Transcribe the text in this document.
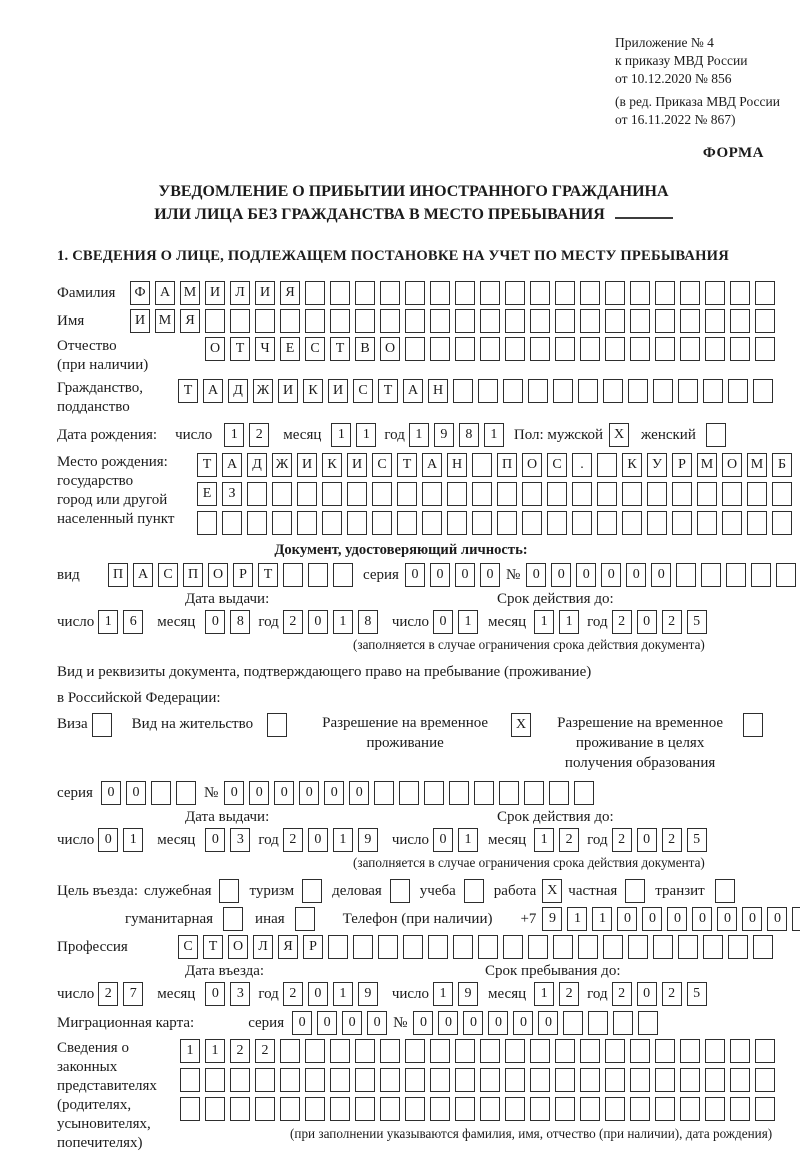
Приложение № 4
к приказу МВД России
от 10.12.2020 № 856
(в ред. Приказа МВД России
от 16.11.2022 № 867)
ФОРМА
УВЕДОМЛЕНИЕ О ПРИБЫТИИ ИНОСТРАННОГО ГРАЖДАНИНА
ИЛИ ЛИЦА БЕЗ ГРАЖДАНСТВА В МЕСТО ПРЕБЫВАНИЯ
1. СВЕДЕНИЯ О ЛИЦЕ, ПОДЛЕЖАЩЕМ ПОСТАНОВКЕ НА УЧЕТ ПО МЕСТУ ПРЕБЫВАНИЯ
Фамилия	Ф	А М И	Л	И	Я
Имя	И М	Я
Отчество
(при наличии)
О	Т	Ч	Е	С	Т	В	О
Гражданство,
подданство
Т	А	Д Ж И	К	И	С	Т	А	Н
Дата рождения: число	1	2	месяц	1	1 год 1	9	8	1	Пол: мужской X	женский
Место рождения:
государство
город или другой
населенный пункт
Т	А	Д Ж И	К	И	С	Т	А	Н	П	О	С	.	К	У	Р	М О М	Б
Е	З
Документ, удостоверяющий личность:
вид	П	А	С	П	О	Р	Т	серия 0	0	0	0 № 0	0	0	0	0	0
Дата выдачи:	Срок действия до:
число 1	6	месяц	0	8 год 2	0	1	8	число 0	1	месяц	1	1 год 2	0	2	5
(заполняется в случае ограничения срока действия документа)
Вид и реквизиты документа, подтверждающего право на пребывание (проживание)
в Российской Федерации:
Виза	Вид на жительство	Разрешение на временное проживание
X	Разрешение на временное проживание в целях получения образования
серия	0	0	№ 0	0	0	0	0	0
Дата выдачи:	Срок действия до:
число 0	1	месяц	0	3 год 2	0	1	9	число 0	1	месяц	1	2 год 2	0	2	5
(заполняется в случае ограничения срока действия документа)
Цель въезда: служебная	туризм	деловая	учеба	работа X частная	транзит
гуманитарная	иная	Телефон (при наличии) +7 9	1	1	0	0	0	0	0	0	0
Профессия	С	Т	О	Л	Я	Р
Дата въезда:	Срок пребывания до:
число 2	7	месяц	0	3 год 2	0	1	9	число 1	9	месяц	1	2 год 2	0	2	5
Миграционная карта:	серия	0	0	0	0 № 0	0	0	0	0	0
Сведения о
законных
представителях
(родителях,
усыновителях,
попечителях)
1	1	2	2
(при заполнении указываются фамилия, имя, отчество (при наличии), дата рождения)
